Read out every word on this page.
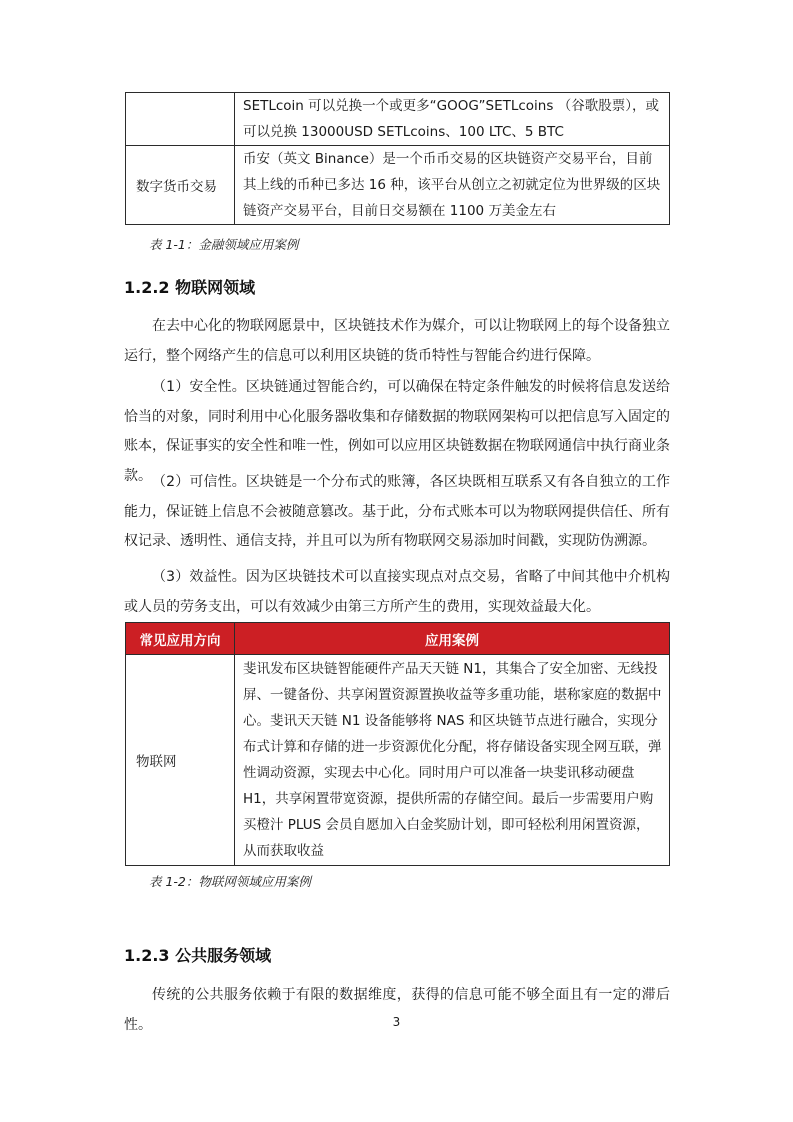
	SETLcoin 可以兑换一个或更多“GOOG”SETLcoins （谷歌股票），或可以兑换 13000USD SETLcoins、100 LTC、5 BTC
数字货币交易	币安（英文 Binance）是一个币币交易的区块链资产交易平台，目前其上线的币种已多达 16 种，该平台从创立之初就定位为世界级的区块链资产交易平台，目前日交易额在 1100 万美金左右
表 1-1：金融领域应用案例
1.2.2 物联网领域

在去中心化的物联网愿景中，区块链技术作为媒介，可以让物联网上的每个设备独立运行，整个网络产生的信息可以利用区块链的货币特性与智能合约进行保障。

（1）安全性。区块链通过智能合约，可以确保在特定条件触发的时候将信息发送给恰当的对象，同时利用中心化服务器收集和存储数据的物联网架构可以把信息写入固定的账本，保证事实的安全性和唯一性，例如可以应用区块链数据在物联网通信中执行商业条款。 （2）可信性。区块链是一个分布式的账簿，各区块既相互联系又有各自独立的工作能力，保证链上信息不会被随意篡改。基于此，分布式账本可以为物联网提供信任、所有权记录、透明性、通信支持，并且可以为所有物联网交易添加时间戳，实现防伪溯源。

（3）效益性。因为区块链技术可以直接实现点对点交易，省略了中间其他中介机构或人员的劳务支出，可以有效减少由第三方所产生的费用，实现效益最大化。

常见应用方向	应用案例
物联网	斐讯发布区块链智能硬件产品天天链 N1，其集合了安全加密、无线投屏、一键备份、共享闲置资源置换收益等多重功能，堪称家庭的数据中心。斐讯天天链 N1 设备能够将 NAS 和区块链节点进行融合，实现分布式计算和存储的进一步资源优化分配，将存储设备实现全网互联，弹性调动资源，实现去中心化。同时用户可以准备一块斐讯移动硬盘 H1，共享闲置带宽资源，提供所需的存储空间。最后一步需要用户购买橙汁 PLUS 会员自愿加入白金奖励计划，即可轻松利用闲置资源，从而获取收益
表 1-2：物联网领域应用案例
1.2.3 公共服务领域

传统的公共服务依赖于有限的数据维度，获得的信息可能不够全面且有一定的滞后性。	3
